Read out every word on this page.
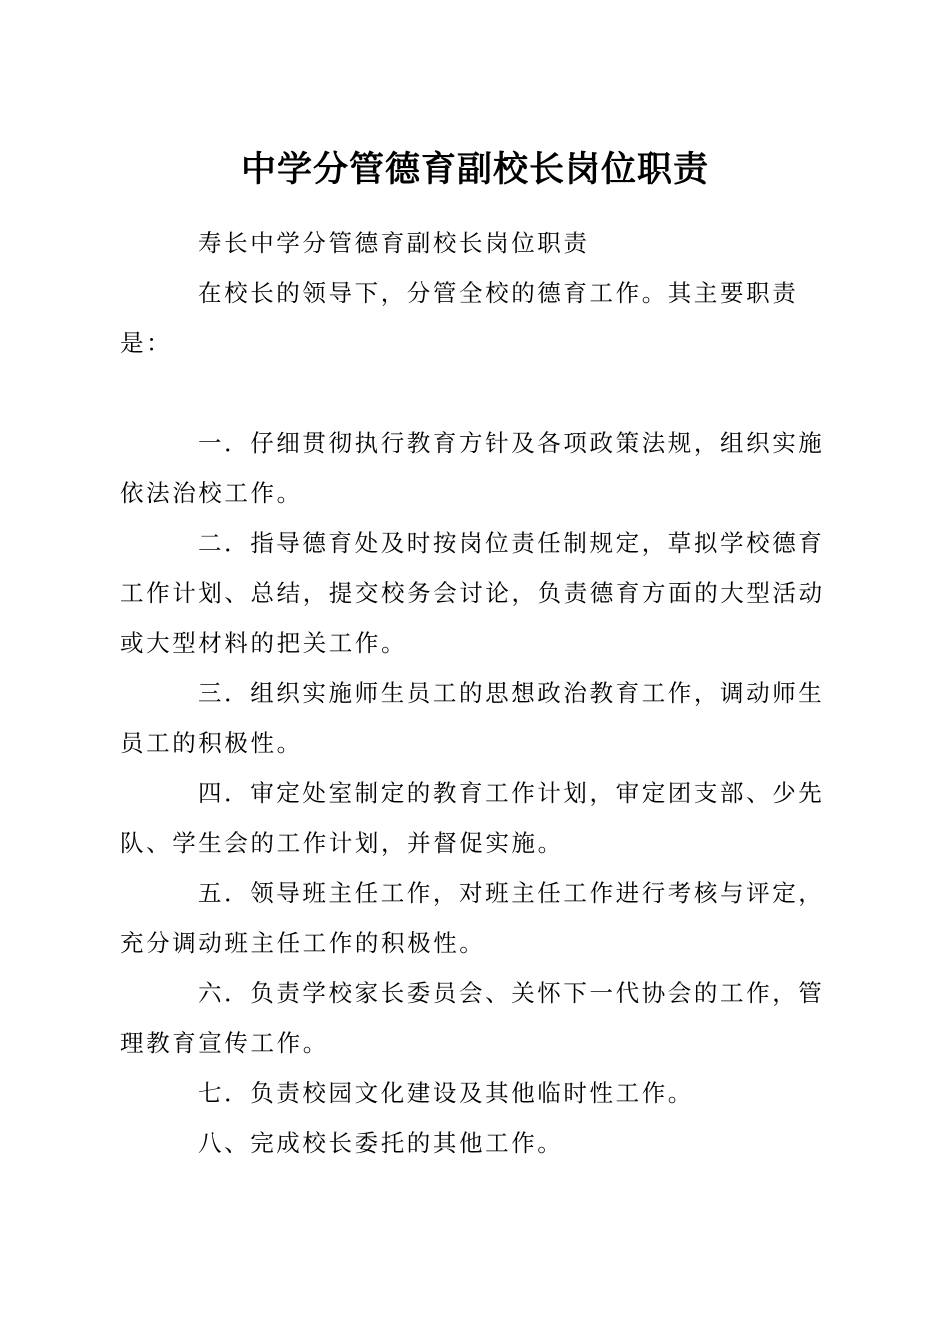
中学分管德育副校长岗位职责

寿长中学分管德育副校长岗位职责

在校长的领导下，分管全校的德育工作。其主要职责是：

一．仔细贯彻执行教育方针及各项政策法规，组织实施依法治校工作。

二．指导德育处及时按岗位责任制规定，草拟学校德育工作计划、总结，提交校务会讨论，负责德育方面的大型活动或大型材料的把关工作。

三．组织实施师生员工的思想政治教育工作，调动师生员工的积极性。

四．审定处室制定的教育工作计划，审定团支部、少先队、学生会的工作计划，并督促实施。

五．领导班主任工作，对班主任工作进行考核与评定，充分调动班主任工作的积极性。

六．负责学校家长委员会、关怀下一代协会的工作，管理教育宣传工作。

七．负责校园文化建设及其他临时性工作。

八、完成校长委托的其他工作。
